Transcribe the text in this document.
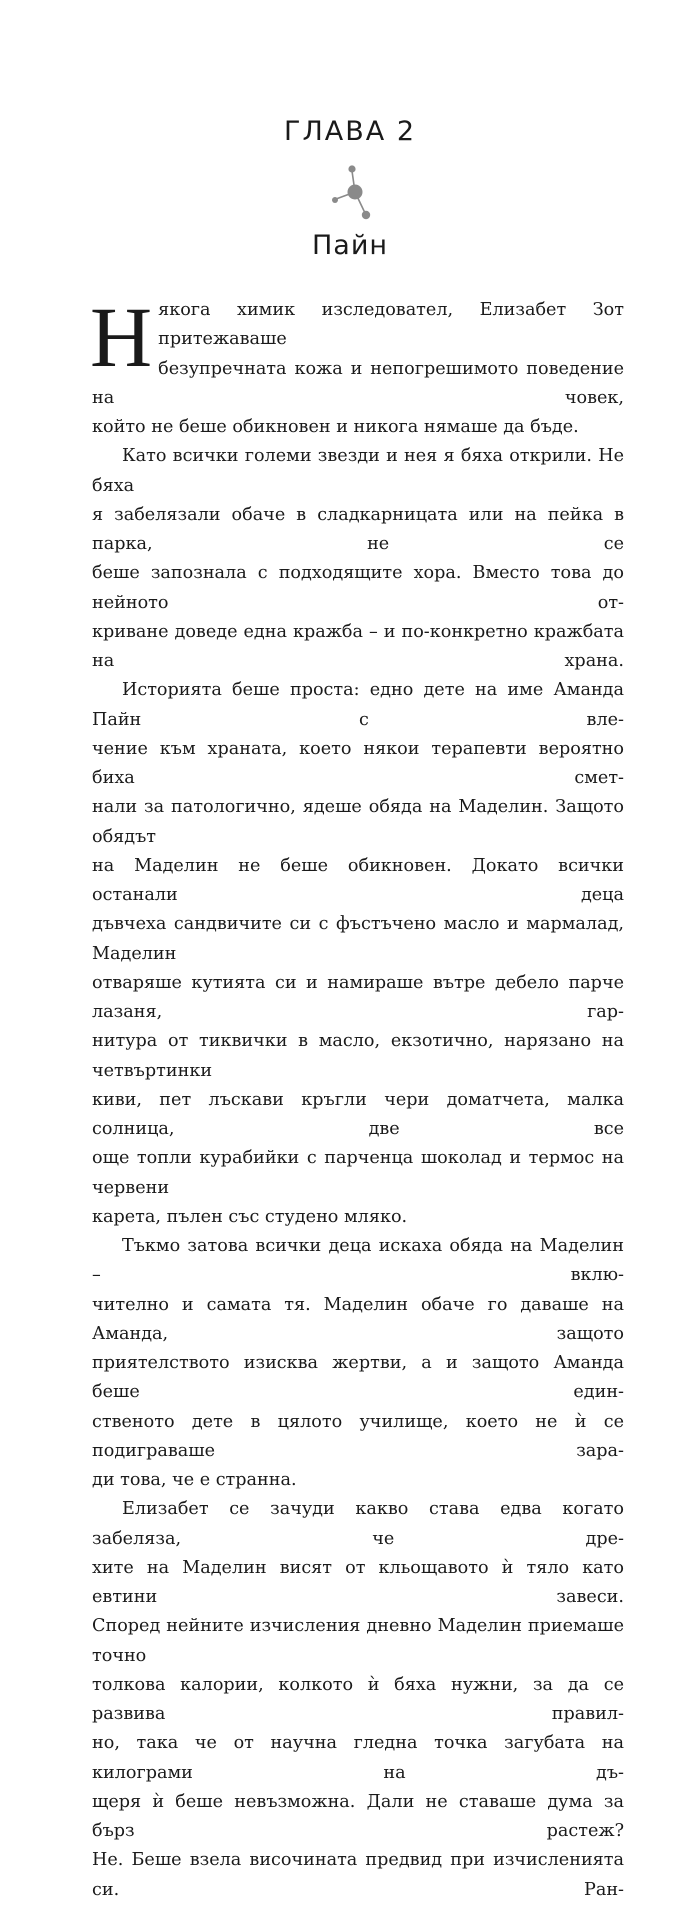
ГЛАВА 2
Пайн

Н якога химик изследовател, Елизабет Зот притежаваше
безупречната кожа и непогрешимото поведение на човек,
който не беше обикновен и никога нямаше да бъде.

Като всички големи звезди и нея я бяха открили. Не бяха
я забелязали обаче в сладкарницата или на пейка в парка, не се
беше запознала с подходящите хора. Вместо това до нейното от-
криване доведе една кражба – и по-конкретно кражбата на храна.

Историята беше проста: едно дете на име Аманда Пайн с вле-
чение към храната, което някои терапевти вероятно биха смет-
нали за патологично, ядеше обяда на Маделин. Защото обядът
на Маделин не беше обикновен. Докато всички останали деца
дъвчеха сандвичите си с фъстъчено масло и мармалад, Маделин
отваряше кутията си и намираше вътре дебело парче лазаня, гар-
нитура от тиквички в масло, екзотично, нарязано на четвъртинки
киви, пет лъскави кръгли чери доматчета, малка солница, две все
още топли курабийки с парченца шоколад и термос на червени
карета, пълен със студено мляко.

Тъкмо затова всички деца искаха обяда на Маделин – вклю-
чително и самата тя. Маделин обаче го даваше на Аманда, защото
приятелството изисква жертви, а и защото Аманда беше един-
ственото дете в цялото училище, което не ѝ се подиграваше зара-
ди това, че е странна.

Елизабет се зачуди какво става едва когато забеляза, че дре-
хите на Маделин висят от кльощавото ѝ тяло като евтини завеси.
Според нейните изчисления дневно Маделин приемаше точно
толкова калории, колкото ѝ бяха нужни, за да се развива правил-
но, така че от научна гледна точка загубата на килограми на дъ-
щеря ѝ беше невъзможна. Дали не ставаше дума за бърз растеж?
Не. Беше взела височината предвид при изчисленията си. Ран-
